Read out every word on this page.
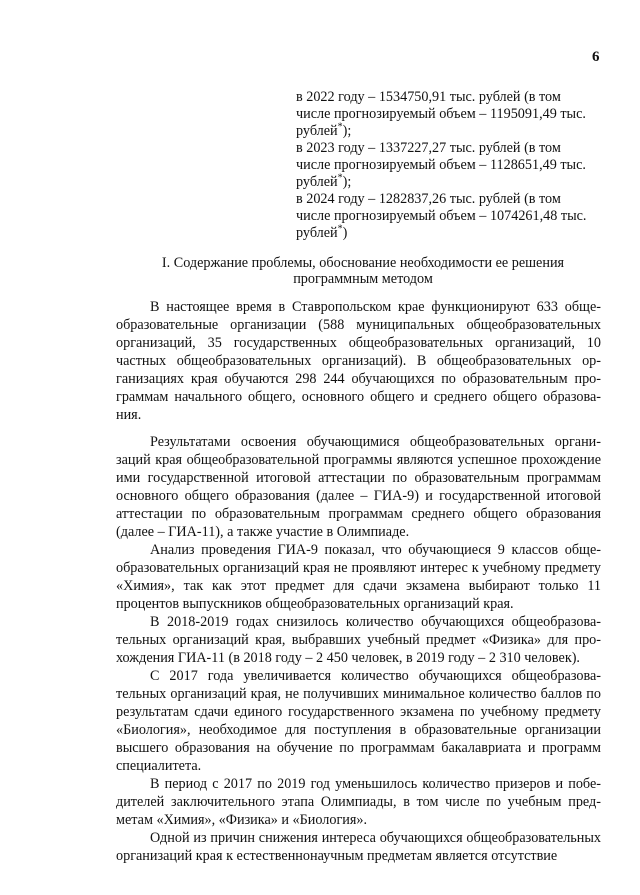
6
в 2022 году – 1534750,91 тыс. рублей (в том
числе прогнозируемый объем – 1195091,49 тыс.
рублей*);
в 2023 году – 1337227,27 тыс. рублей (в том
числе прогнозируемый объем – 1128651,49 тыс.
рублей*);
в 2024 году – 1282837,26 тыс. рублей (в том
числе прогнозируемый объем – 1074261,48 тыс.
рублей*)
I. Содержание проблемы, обоснование необходимости ее решения
программным методом

В настоящее время в Ставропольском крае функционируют 633 общеобразовательные организации (588 муниципальных общеобразовательных организаций, 35 государственных общеобразовательных организаций, 10 частных общеобразовательных организаций). В общеобразовательных организациях края обучаются 298 244 обучающихся по образовательным программам начального общего, основного общего и среднего общего образования.

Результатами освоения обучающимися общеобразовательных организаций края общеобразовательной программы являются успешное прохождение ими государственной итоговой аттестации по образовательным программам основного общего образования (далее – ГИА-9) и государственной итоговой аттестации по образовательным программам среднего общего образования (далее – ГИА-11), а также участие в Олимпиаде.

Анализ проведения ГИА-9 показал, что обучающиеся 9 классов общеобразовательных организаций края не проявляют интерес к учебному предмету «Химия», так как этот предмет для сдачи экзамена выбирают только 11 процентов выпускников общеобразовательных организаций края.

В 2018-2019 годах снизилось количество обучающихся общеобразовательных организаций края, выбравших учебный предмет «Физика» для прохождения ГИА-11 (в 2018 году – 2 450 человек, в 2019 году – 2 310 человек).

С 2017 года увеличивается количество обучающихся общеобразовательных организаций края, не получивших минимальное количество баллов по результатам сдачи единого государственного экзамена по учебному предмету «Биология», необходимое для поступления в образовательные организации высшего образования на обучение по программам бакалавриата и программ специалитета.

В период с 2017 по 2019 год уменьшилось количество призеров и победителей заключительного этапа Олимпиады, в том числе по учебным предметам «Химия», «Физика» и «Биология».

Одной из причин снижения интереса обучающихся общеобразовательных организаций края к естественнонаучным предметам является отсутствие
